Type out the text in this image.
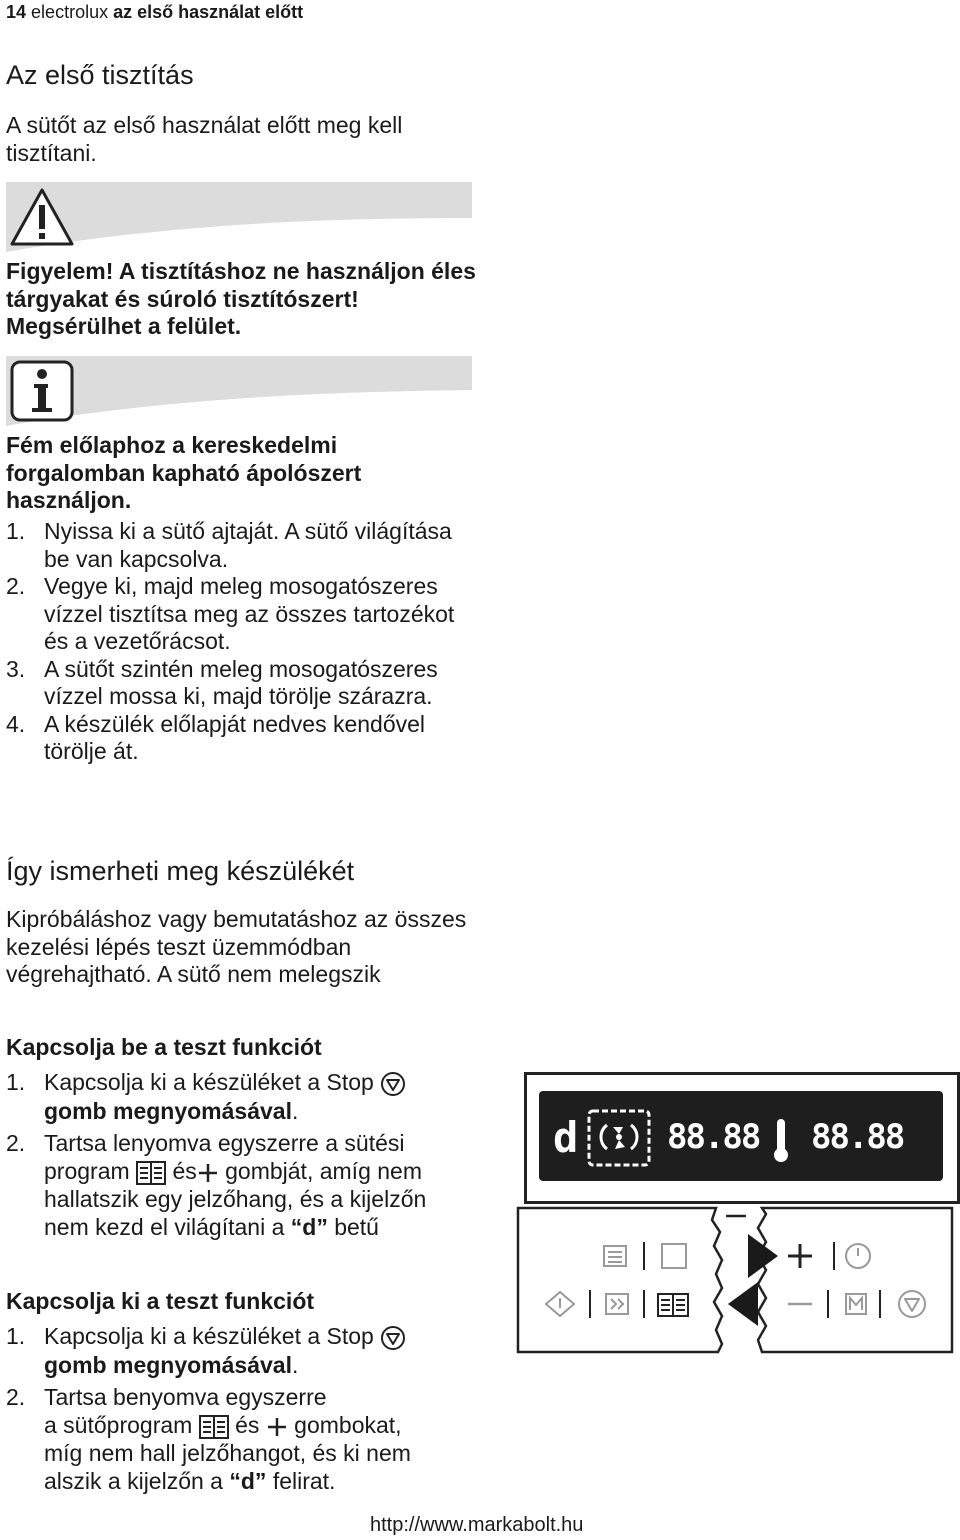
14 electrolux az első használat előtt
Az első tisztítás

A sütőt az első használat előtt meg kell tisztítani.

Figyelem! A tisztításhoz ne használjon éles tárgyakat és súroló tisztítószert! Megsérülhet a felület.

Fém előlaphoz a kereskedelmi forgalomban kapható ápolószert használjon.

1. Nyissa ki a sütő ajtaját. A sütő világítása be van kapcsolva.
2. Vegye ki, majd meleg mosogatószeres vízzel tisztítsa meg az összes tartozékot és a vezetőrácsot.
3. A sütőt szintén meleg mosogatószeres vízzel mossa ki, majd törölje szárazra.
4. A készülék előlapját nedves kendővel törölje át.
Így ismerheti meg készülékét

Kipróbáláshoz vagy bemutatáshoz az összes kezelési lépés teszt üzemmódban végrehajtható. A sütő nem melegszik

Kapcsolja be a teszt funkciót

1. Kapcsolja ki a készüléket a Stop
gomb megnyomásával.
2. Tartsa lenyomva egyszerre a sütési
program és gombját, amíg nem
hallatszik egy jelzőhang, és a kijelzőn
nem kezd el világítani a “d” betű

Kapcsolja ki a teszt funkciót

1. Kapcsolja ki a készüléket a Stop
gomb megnyomásával.
2. Tartsa benyomva egyszerre
a sütőprogram és gombokat,
míg nem hall jelzőhangot, és ki nem
alszik a kijelzőn a “d” felirat.
d	88.88 88.88
http://www.markabolt.hu
